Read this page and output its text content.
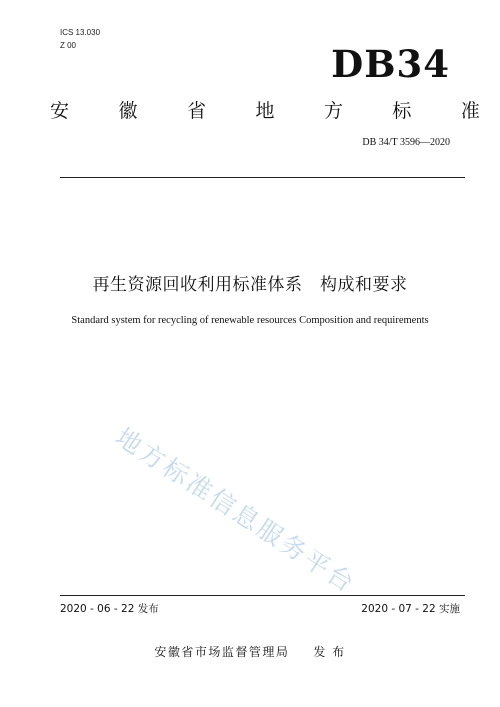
ICS 13.030
Z 00	DB34
安	徽	省	地	方	标	准
DB 34/T 3596—2020
再生资源回收利用标准体系　构成和要求
Standard system for recycling of renewable resources Composition and requirements
地方标准信息服务平台
2020 - 06 - 22 发布	2020 - 07 - 22 实施
安徽省市场监督管理局 发 布
